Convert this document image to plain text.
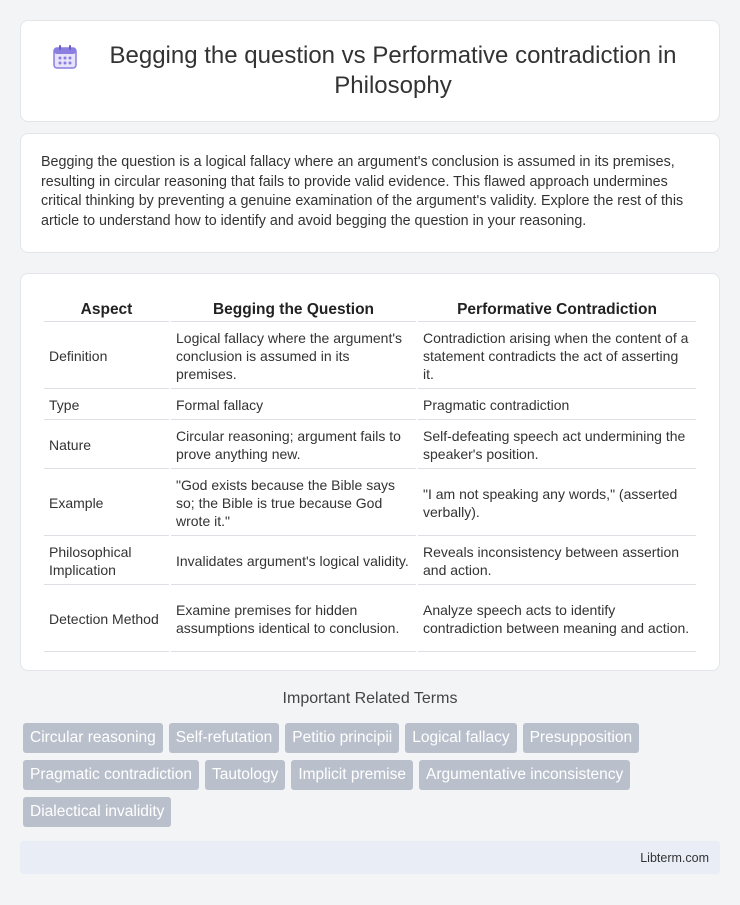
Begging the question vs Performative contradiction in Philosophy

Begging the question is a logical fallacy where an argument's conclusion is assumed in its premises, resulting in circular reasoning that fails to provide valid evidence. This flawed approach undermines critical thinking by preventing a genuine examination of the argument's validity. Explore the rest of this article to understand how to identify and avoid begging the question in your reasoning.

Aspect	Begging the Question	Performative Contradiction
Definition	Logical fallacy where the argument's conclusion is assumed in its premises.	Contradiction arising when the content of a statement contradicts the act of asserting it.
Type	Formal fallacy	Pragmatic contradiction
Nature	Circular reasoning; argument fails to prove anything new.	Self-defeating speech act undermining the speaker's position.
Example	"God exists because the Bible says so; the Bible is true because God wrote it."	"I am not speaking any words," (asserted verbally).
Philosophical Implication	Invalidates argument's logical validity.	Reveals inconsistency between assertion and action.
Detection Method	Examine premises for hidden assumptions identical to conclusion.	Analyze speech acts to identify contradiction between meaning and action.
Important Related Terms
Circular reasoning	Self-refutation	Petitio principii	Logical fallacy	Presupposition
Pragmatic contradiction	Tautology	Implicit premise	Argumentative inconsistency
Dialectical invalidity
Libterm.com
